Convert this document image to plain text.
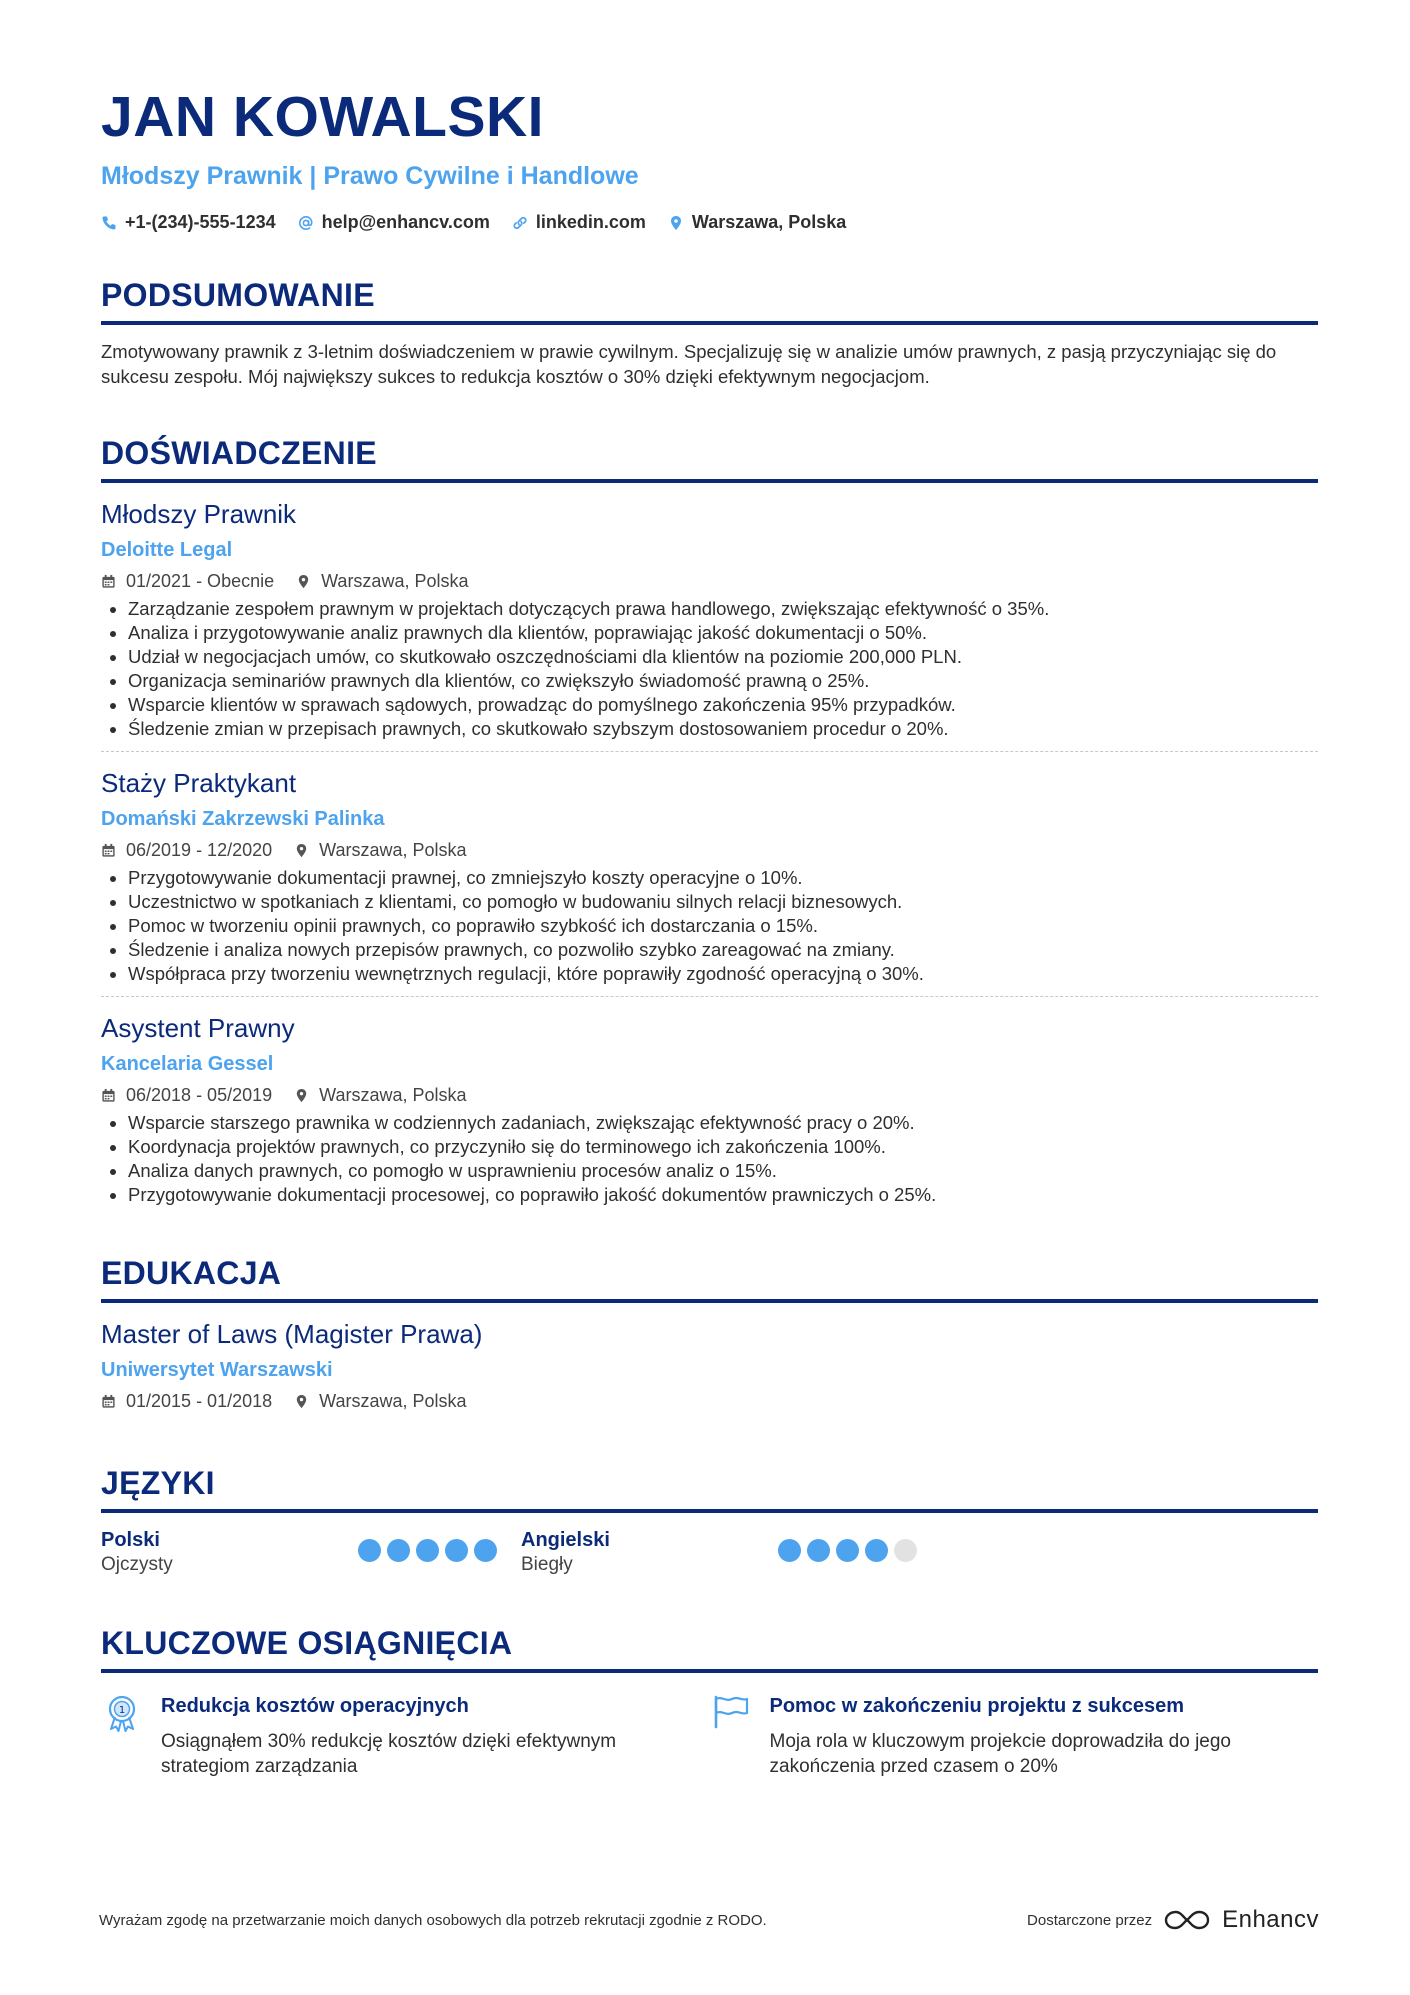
JAN KOWALSKI
Młodszy Prawnik | Prawo Cywilne i Handlowe
+1-(234)-555-1234	help@enhancv.com	linkedin.com	Warszawa, Polska
PODSUMOWANIE
Zmotywowany prawnik z 3-letnim doświadczeniem w prawie cywilnym. Specjalizuję się w analizie umów prawnych, z pasją przyczyniając się do sukcesu zespołu. Mój największy sukces to redukcja kosztów o 30% dzięki efektywnym negocjacjom.
DOŚWIADCZENIE
Młodszy Prawnik
Deloitte Legal
01/2021 - Obecnie	Warszawa, Polska
• Zarządzanie zespołem prawnym w projektach dotyczących prawa handlowego, zwiększając efektywność o 35%.
• Analiza i przygotowywanie analiz prawnych dla klientów, poprawiając jakość dokumentacji o 50%.
• Udział w negocjacjach umów, co skutkowało oszczędnościami dla klientów na poziomie 200,000 PLN.
• Organizacja seminariów prawnych dla klientów, co zwiększyło świadomość prawną o 25%.
• Wsparcie klientów w sprawach sądowych, prowadząc do pomyślnego zakończenia 95% przypadków.
• Śledzenie zmian w przepisach prawnych, co skutkowało szybszym dostosowaniem procedur o 20%.
Staży Praktykant
Domański Zakrzewski Palinka
06/2019 - 12/2020	Warszawa, Polska
• Przygotowywanie dokumentacji prawnej, co zmniejszyło koszty operacyjne o 10%.
• Uczestnictwo w spotkaniach z klientami, co pomogło w budowaniu silnych relacji biznesowych.
• Pomoc w tworzeniu opinii prawnych, co poprawiło szybkość ich dostarczania o 15%.
• Śledzenie i analiza nowych przepisów prawnych, co pozwoliło szybko zareagować na zmiany.
• Współpraca przy tworzeniu wewnętrznych regulacji, które poprawiły zgodność operacyjną o 30%.
Asystent Prawny
Kancelaria Gessel
06/2018 - 05/2019	Warszawa, Polska
• Wsparcie starszego prawnika w codziennych zadaniach, zwiększając efektywność pracy o 20%.
• Koordynacja projektów prawnych, co przyczyniło się do terminowego ich zakończenia 100%.
• Analiza danych prawnych, co pomogło w usprawnieniu procesów analiz o 15%.
• Przygotowywanie dokumentacji procesowej, co poprawiło jakość dokumentów prawniczych o 25%.
EDUKACJA
Master of Laws (Magister Prawa)
Uniwersytet Warszawski
01/2015 - 01/2018	Warszawa, Polska
JĘZYKI
Polski
Ojczysty
Angielski
Biegły
KLUCZOWE OSIĄGNIĘCIA
1 Redukcja kosztów operacyjnych
Osiągnąłem 30% redukcję kosztów dzięki efektywnym strategiom zarządzania
Pomoc w zakończeniu projektu z sukcesem
Moja rola w kluczowym projekcie doprowadziła do jego zakończenia przed czasem o 20%
Wyrażam zgodę na przetwarzanie moich danych osobowych dla potrzeb rekrutacji zgodnie z RODO.	Dostarczone przez	Enhancv
